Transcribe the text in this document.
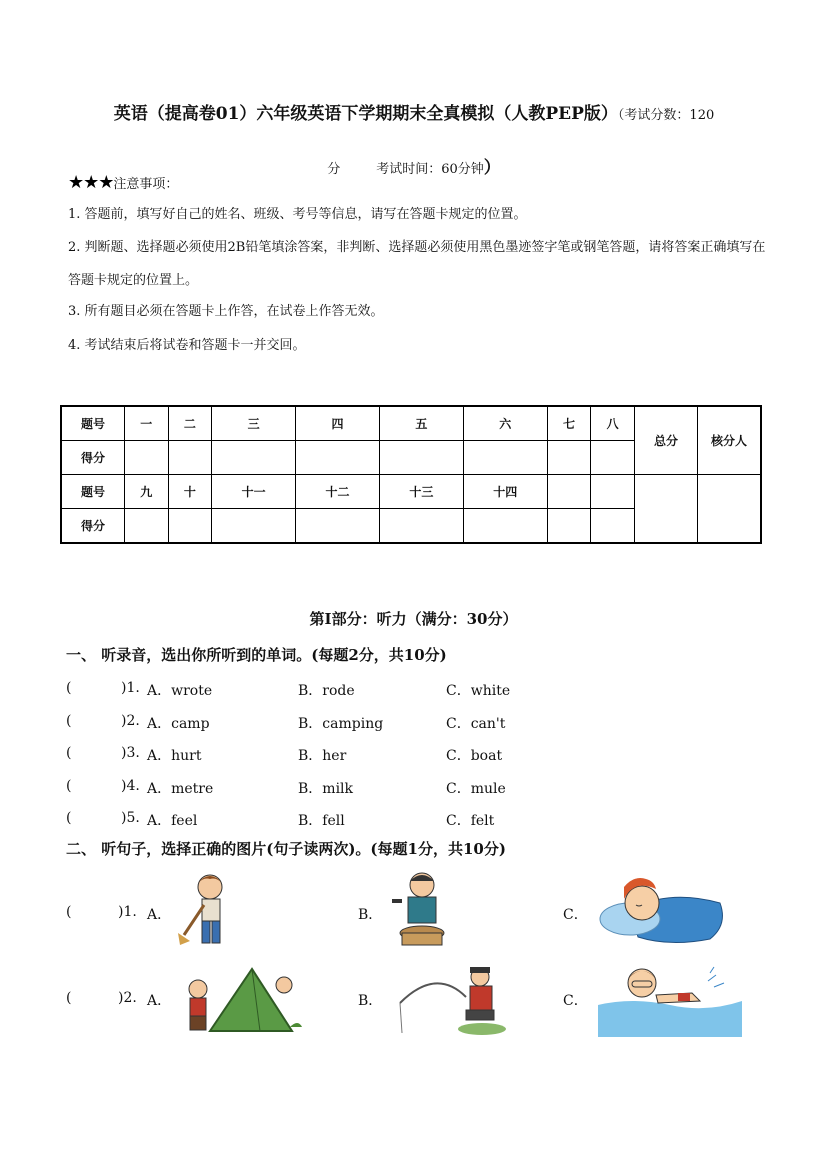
英语（提高卷01）六年级英语下学期期末全真模拟（人教PEP版）（考试分数：120
分	考试时间：60分钟）
★★★注意事项：
1. 答题前，填写好自己的姓名、班级、考号等信息，请写在答题卡规定的位置。
2. 判断题、选择题必须使用2B铅笔填涂答案，非判断、选择题必须使用黑色墨迹签字笔或钢笔答题，请将答案正确填写在答题卡规定的位置上。
3. 所有题目必须在答题卡上作答，在试卷上作答无效。
4. 考试结束后将试卷和答题卡一并交回。
题号	一	二	三	四	五	六	七	八	总分	核分人
得分										
题号	九	十	十一	十二	十三	十四				
得分										
第I部分：听力（满分：30分）
一、 听录音，选出你所听到的单词。(每题2分，共10分)
(	)1. A．wrote	B．rode	C．white
(	)2. A．camp	B．camping	C．can't
(	)3. A．hurt	B．her	C．boat
(	)4. A．metre	B．milk	C．mule
(	)5. A．feel	B．fell	C．felt
二、 听句子，选择正确的图片(句子读两次)。(每题1分，共10分)
(	)1. A．	B．	C．
(	)2. A．	B．	C．
